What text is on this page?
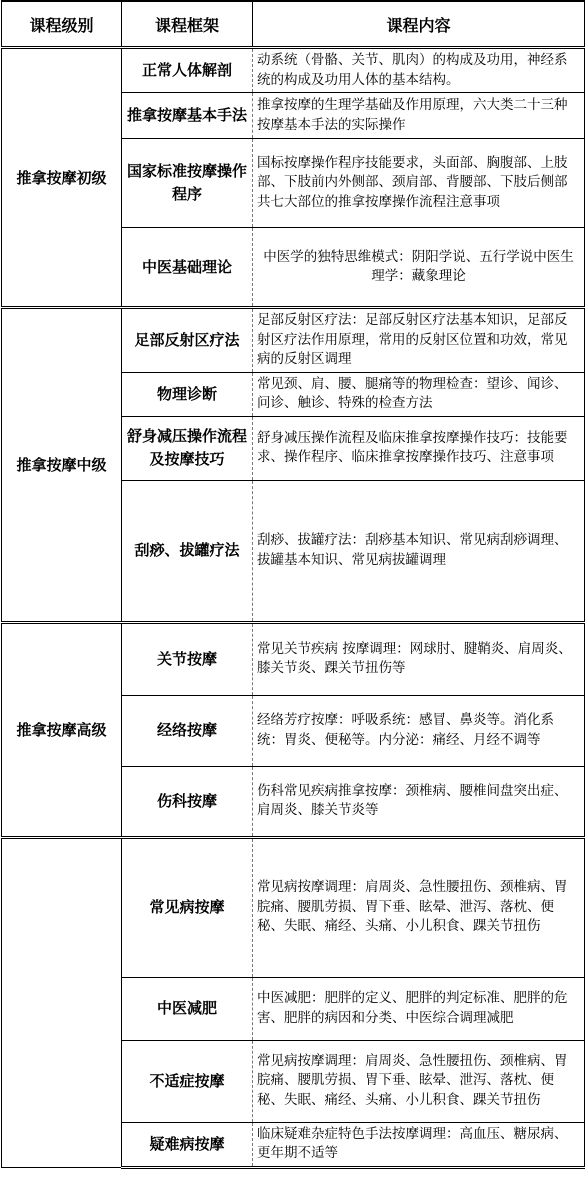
课程级别	课程框架	课程内容
推拿按摩初级	正常人体解剖	动系统（骨骼、关节、肌肉）的构成及功用，神经系统的构成及功用人体的基本结构。
	推拿按摩基本手法	推拿按摩的生理学基础及作用原理，六大类二十三种按摩基本手法的实际操作
	国家标准按摩操作程序	国标按摩操作程序技能要求，头面部、胸腹部、上肢部、下肢前内外侧部、颈肩部、背腰部、下肢后侧部共七大部位的推拿按摩操作流程注意事项
	中医基础理论	中医学的独特思维模式：阴阳学说、五行学说中医生理学：藏象理论
推拿按摩中级	足部反射区疗法	足部反射区疗法：足部反射区疗法基本知识，足部反射区疗法作用原理，常用的反射区位置和功效，常见病的反射区调理
	物理诊断	常见颈、肩、腰、腿痛等的物理检查：望诊、闻诊、问诊、触诊、特殊的检查方法
	舒身减压操作流程及按摩技巧	舒身减压操作流程及临床推拿按摩操作技巧：技能要求、操作程序、临床推拿按摩操作技巧、注意事项
	刮痧、拔罐疗法	刮痧、拔罐疗法：刮痧基本知识、常见病刮痧调理、拔罐基本知识、常见病拔罐调理
推拿按摩高级	关节按摩	常见关节疾病 按摩调理：网球肘、腱鞘炎、肩周炎、膝关节炎、踝关节扭伤等
	经络按摩	经络芳疗按摩：呼吸系统：感冒、鼻炎等。消化系统：胃炎、便秘等。内分泌：痛经、月经不调等
	伤科按摩	伤科常见疾病推拿按摩：颈椎病、腰椎间盘突出症、肩周炎、膝关节炎等
	常见病按摩	常见病按摩调理：肩周炎、急性腰扭伤、颈椎病、胃脘痛、腰肌劳损、胃下垂、眩晕、泄泻、落枕、便秘、失眠、痛经、头痛、小儿积食、踝关节扭伤
	中医减肥	中医减肥：肥胖的定义、肥胖的判定标准、肥胖的危害、肥胖的病因和分类、中医综合调理减肥
	不适症按摩	常见病按摩调理：肩周炎、急性腰扭伤、颈椎病、胃脘痛、腰肌劳损、胃下垂、眩晕、泄泻、落枕、便秘、失眠、痛经、头痛、小儿积食、踝关节扭伤
	疑难病按摩	临床疑难杂症特色手法按摩调理：高血压、糖尿病、更年期不适等
